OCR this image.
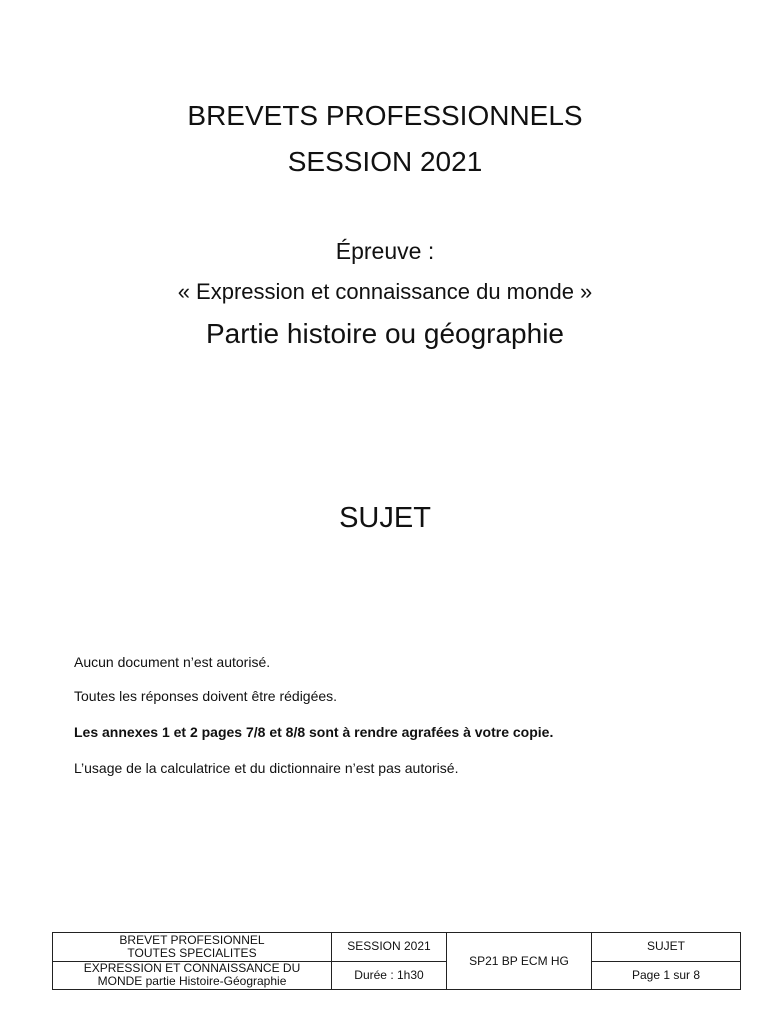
BREVETS PROFESSIONNELS
SESSION 2021
Épreuve :
« Expression et connaissance du monde »
Partie histoire ou géographie
SUJET
Aucun document n’est autorisé.
Toutes les réponses doivent être rédigées.
Les annexes 1 et 2 pages 7/8 et 8/8 sont à rendre agrafées à votre copie.
L’usage de la calculatrice et du dictionnaire n’est pas autorisé.
BREVET PROFESIONNEL
TOUTES SPECIALITES	SESSION 2021	SP21 BP ECM HG	SUJET

EXPRESSION ET CONNAISSANCE DU
MONDE partie Histoire-Géographie	Durée : 1h30		Page 1 sur 8
